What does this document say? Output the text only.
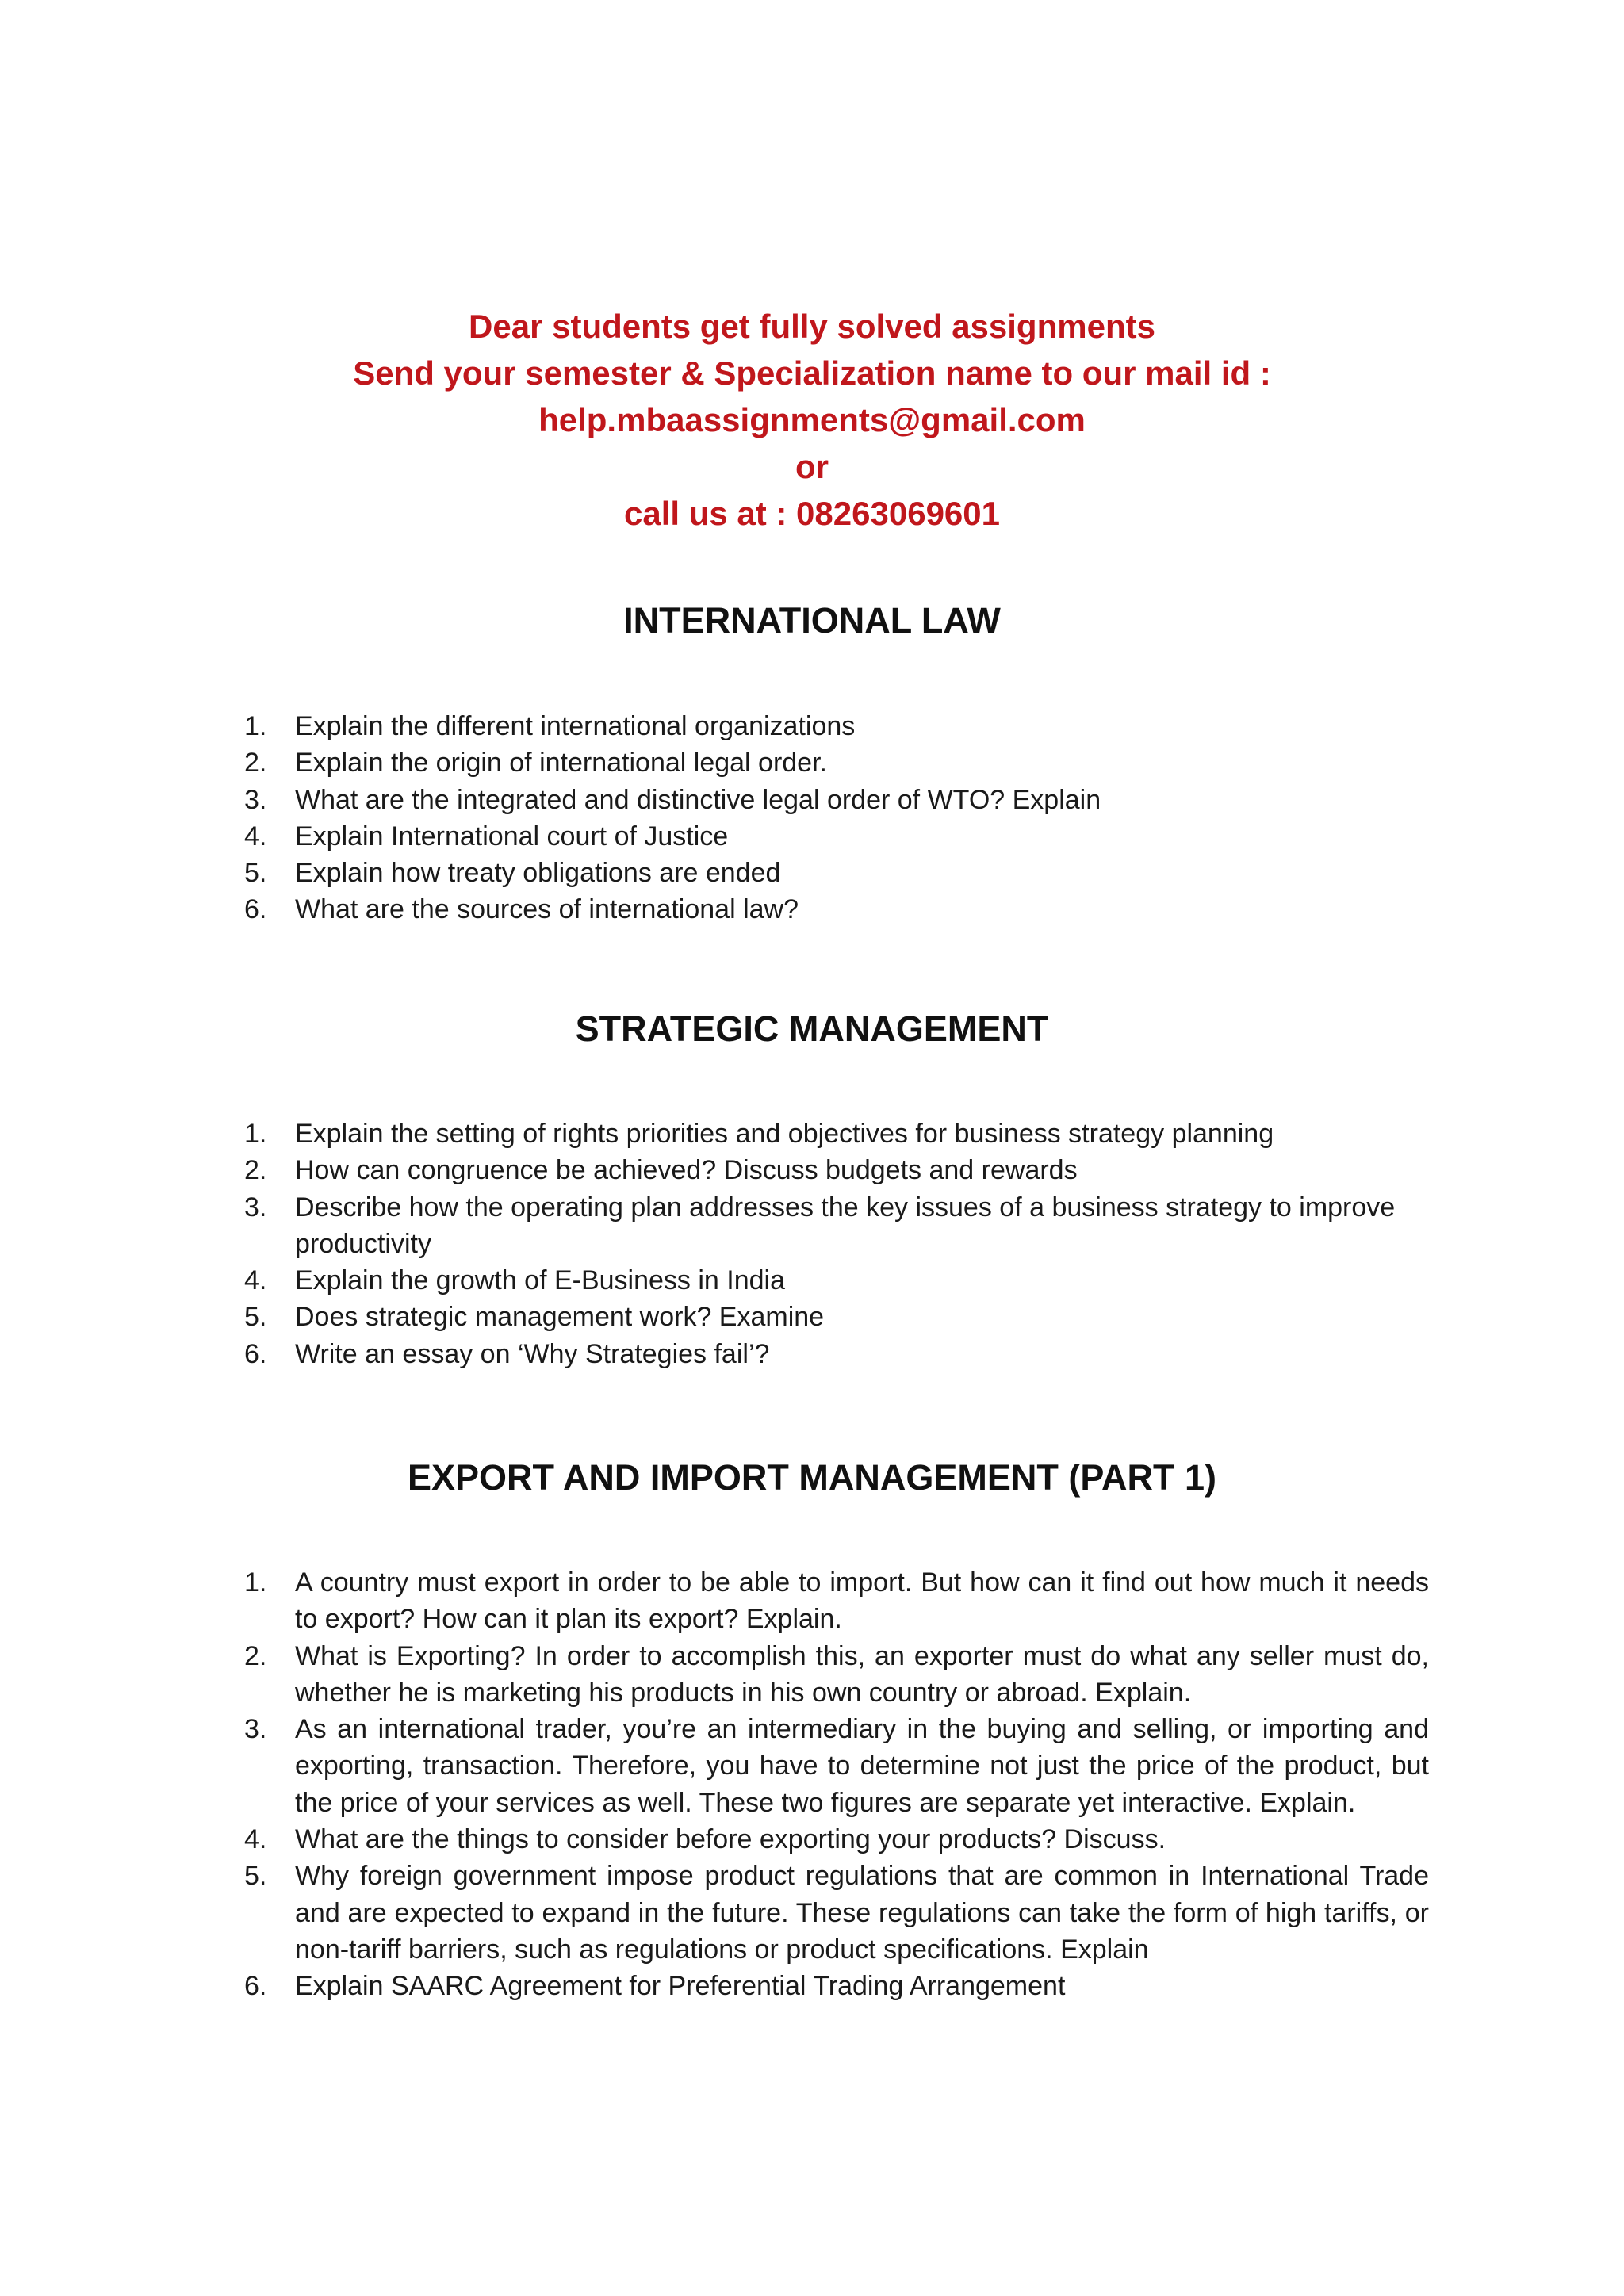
Dear students get fully solved assignments
Send your semester & Specialization name to our mail id :
help.mbaassignments@gmail.com
or
call us at : 08263069601
INTERNATIONAL LAW
1. Explain the different international organizations
2. Explain the origin of international legal order.
3. What are the integrated and distinctive legal order of WTO? Explain
4. Explain International court of Justice
5. Explain how treaty obligations are ended
6. What are the sources of international law?
STRATEGIC MANAGEMENT
1. Explain the setting of rights priorities and objectives for business strategy planning
2. How can congruence be achieved? Discuss budgets and rewards
3. Describe how the operating plan addresses the key issues of a business strategy to improve productivity
4. Explain the growth of E-Business in India
5. Does strategic management work? Examine
6. Write an essay on ‘Why Strategies fail’?
EXPORT AND IMPORT MANAGEMENT (PART 1)
1. A country must export in order to be able to import. But how can it find out how much it needs to export? How can it plan its export? Explain.
2. What is Exporting? In order to accomplish this, an exporter must do what any seller must do, whether he is marketing his products in his own country or abroad. Explain.
3. As an international trader, you’re an intermediary in the buying and selling, or importing and exporting, transaction. Therefore, you have to determine not just the price of the product, but the price of your services as well. These two figures are separate yet interactive. Explain.
4. What are the things to consider before exporting your products? Discuss.
5. Why foreign government impose product regulations that are common in International Trade and are expected to expand in the future. These regulations can take the form of high tariffs, or non-tariff barriers, such as regulations or product specifications. Explain
6. Explain SAARC Agreement for Preferential Trading Arrangement
